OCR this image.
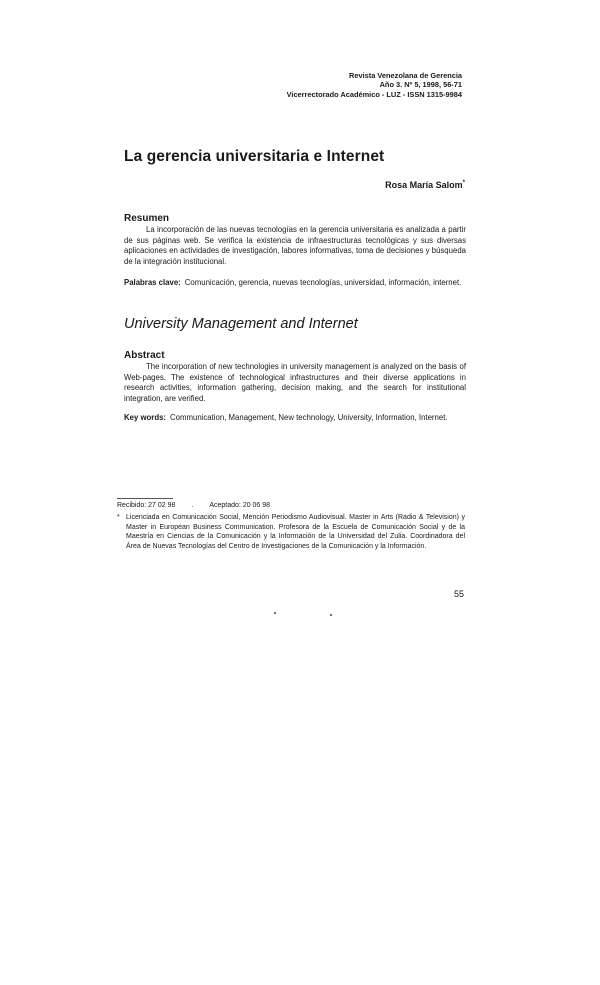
Revista Venezolana de Gerencia
Año 3. Nº 5, 1998, 56-71
Vicerrectorado Académico - LUZ - ISSN 1315-9984
La gerencia universitaria e Internet
Rosa María Salom*
Resumen
La incorporación de las nuevas tecnologías en la gerencia universitaria es analizada a partir de sus páginas web. Se verifica la existencia de infraestructuras tecnológicas y sus diversas aplicaciones en actividades de investigación, labores informativas, toma de decisiones y búsqueda de la integración institucional.
Palabras clave: Comunicación, gerencia, nuevas tecnologías, universidad, información, internet.
University Management and Internet
Abstract
The incorporation of new technologies in university management is analyzed on the basis of Web-pages. The existence of technological infrastructures and their diverse applications in research activities, information gathering, decision making, and the search for institutional integration, are verified.
Key words: Communication, Management, New technology, University, Information, Internet.
Recibido: 27 02 98 . Aceptado: 20 06 98
* Licenciada en Comunicación Social, Mención Periodismo Audiovisual. Master in Arts (Radio & Television) y Master in European Business Communication. Profesora de la Escuela de Comunicación Social y de la Maestría en Ciencias de la Comunicación y la Información de la Universidad del Zulia. Coordinadora del Área de Nuevas Tecnologías del Centro de Investigaciones de la Comunicación y la Información.
55
